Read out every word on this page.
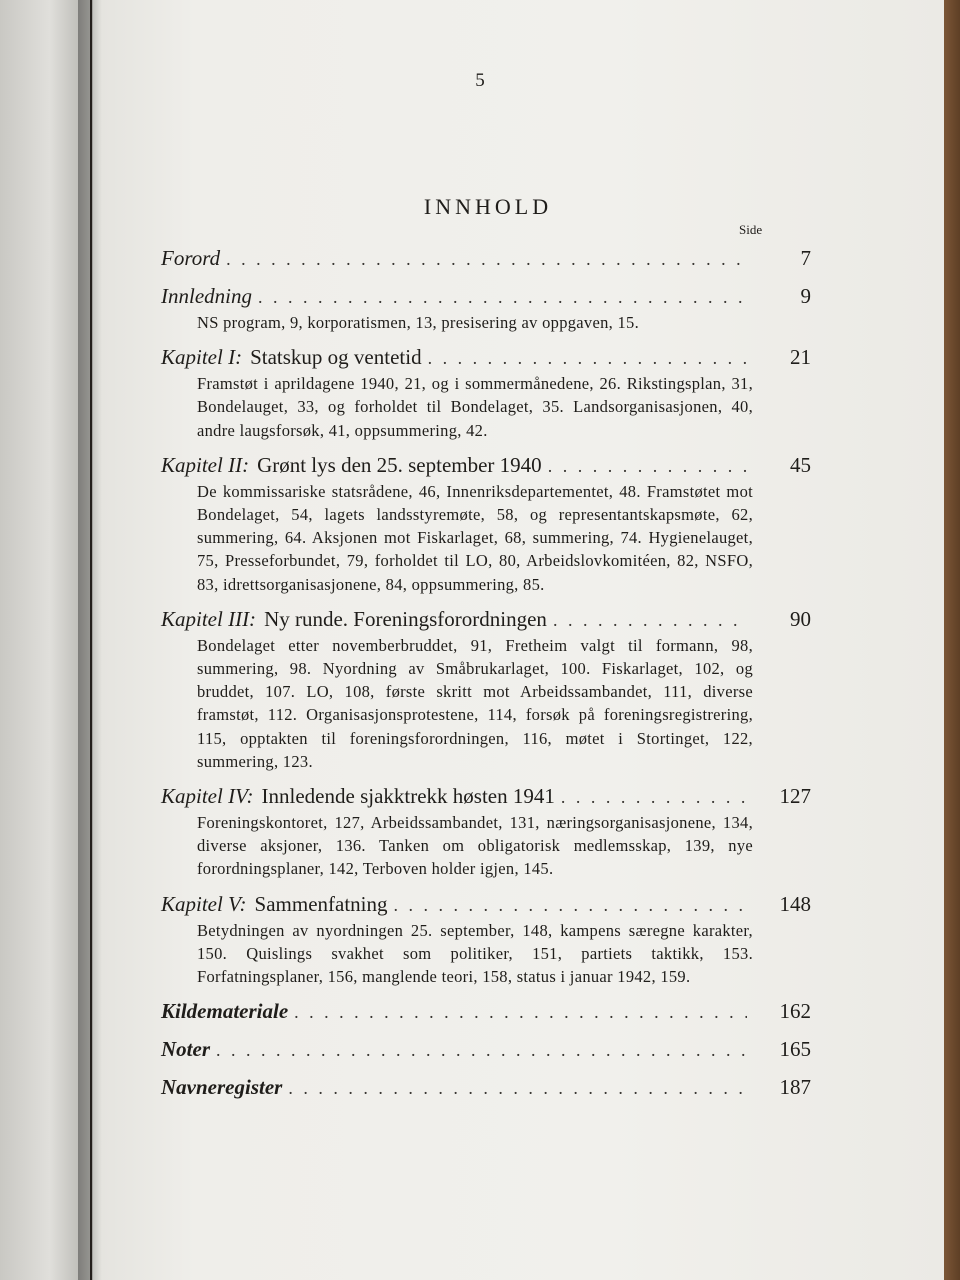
5
INNHOLD
Side
Forord . . .	7
Innledning . . .	9
NS program, 9, korporatismen, 13, presisering av oppgaven, 15.
Kapitel I: Statskup og ventetid . . .	21
Framstøt i aprildagene 1940, 21, og i sommermånedene, 26. Rikstingsplan, 31, Bondelauget, 33, og forholdet til Bondelaget, 35. Landsorganisasjonen, 40, andre laugsforsøk, 41, oppsummering, 42.
Kapitel II: Grønt lys den 25. september 1940 . . .	45
De kommissariske statsrådene, 46, Innenriksdepartementet, 48. Framstøtet mot Bondelaget, 54, lagets landsstyremøte, 58, og representantskapsmøte, 62, summering, 64. Aksjonen mot Fiskarlaget, 68, summering, 74. Hygienelauget, 75, Presseforbundet, 79, forholdet til LO, 80, Arbeidslovkomitéen, 82, NSFO, 83, idrettsorganisasjonene, 84, oppsummering, 85.
Kapitel III: Ny runde. Foreningsforordningen . . .	90
Bondelaget etter novemberbruddet, 91, Fretheim valgt til formann, 98, summering, 98. Nyordning av Småbrukarlaget, 100. Fiskarlaget, 102, og bruddet, 107. LO, 108, første skritt mot Arbeidssambandet, 111, diverse framstøt, 112. Organisasjonsprotestene, 114, forsøk på foreningsregistrering, 115, opptakten til foreningsforordningen, 116, møtet i Stortinget, 122, summering, 123.
Kapitel IV: Innledende sjakktrekk høsten 1941 . . .	127
Foreningskontoret, 127, Arbeidssambandet, 131, næringsorganisasjonene, 134, diverse aksjoner, 136. Tanken om obligatorisk medlemsskap, 139, nye forordningsplaner, 142, Terboven holder igjen, 145.
Kapitel V: Sammenfatning . . .	148
Betydningen av nyordningen 25. september, 148, kampens særegne karakter, 150. Quislings svakhet som politiker, 151, partiets taktikk, 153. Forfatningsplaner, 156, manglende teori, 158, status i januar 1942, 159.
Kildemateriale . . .	162
Noter . . .	165
Navneregister . . .	187
